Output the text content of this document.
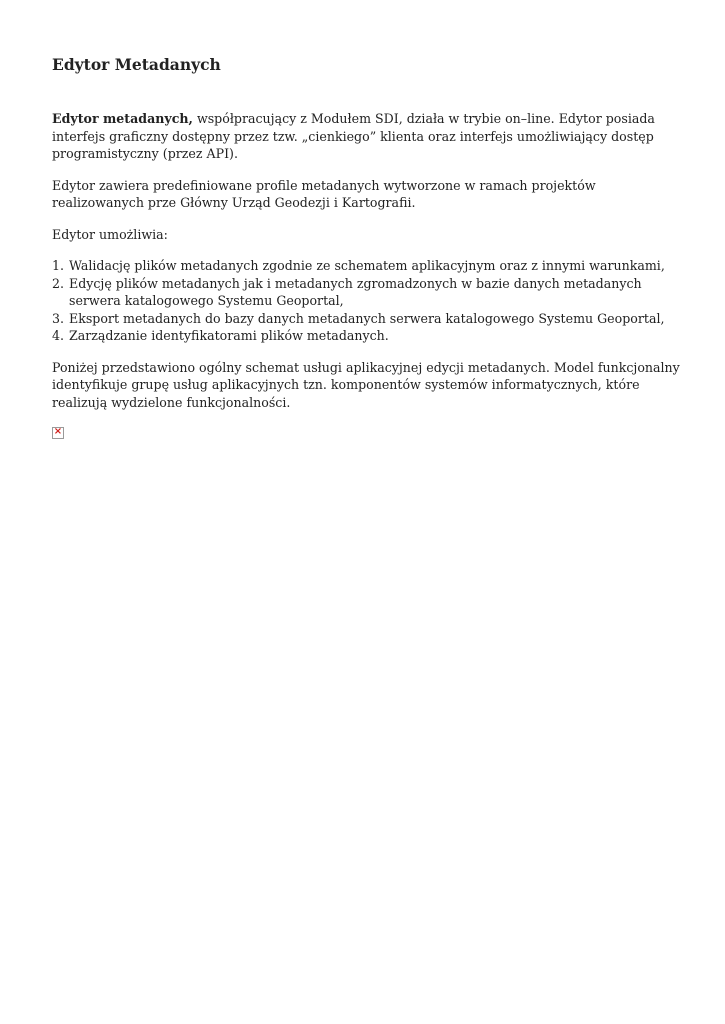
Edytor Metadanych

Edytor metadanych, współpracujący z Modułem SDI, działa w trybie on–line. Edytor posiada interfejs graficzny dostępny przez tzw. „cienkiego” klienta oraz interfejs umożliwiający dostęp programistyczny (przez API).

Edytor zawiera predefiniowane profile metadanych wytworzone w ramach projektów realizowanych prze Główny Urząd Geodezji i Kartografii.

Edytor umożliwia:

1. Walidację plików metadanych zgodnie ze schematem aplikacyjnym oraz z innymi warunkami,
2. Edycję plików metadanych jak i metadanych zgromadzonych w bazie danych metadanych serwera katalogowego Systemu Geoportal,
3. Eksport metadanych do bazy danych metadanych serwera katalogowego Systemu Geoportal,
4. Zarządzanie identyfikatorami plików metadanych.

Poniżej przedstawiono ogólny schemat usługi aplikacyjnej edycji metadanych. Model funkcjonalny identyfikuje grupę usług aplikacyjnych tzn. komponentów systemów informatycznych, które realizują wydzielone funkcjonalności.

×
